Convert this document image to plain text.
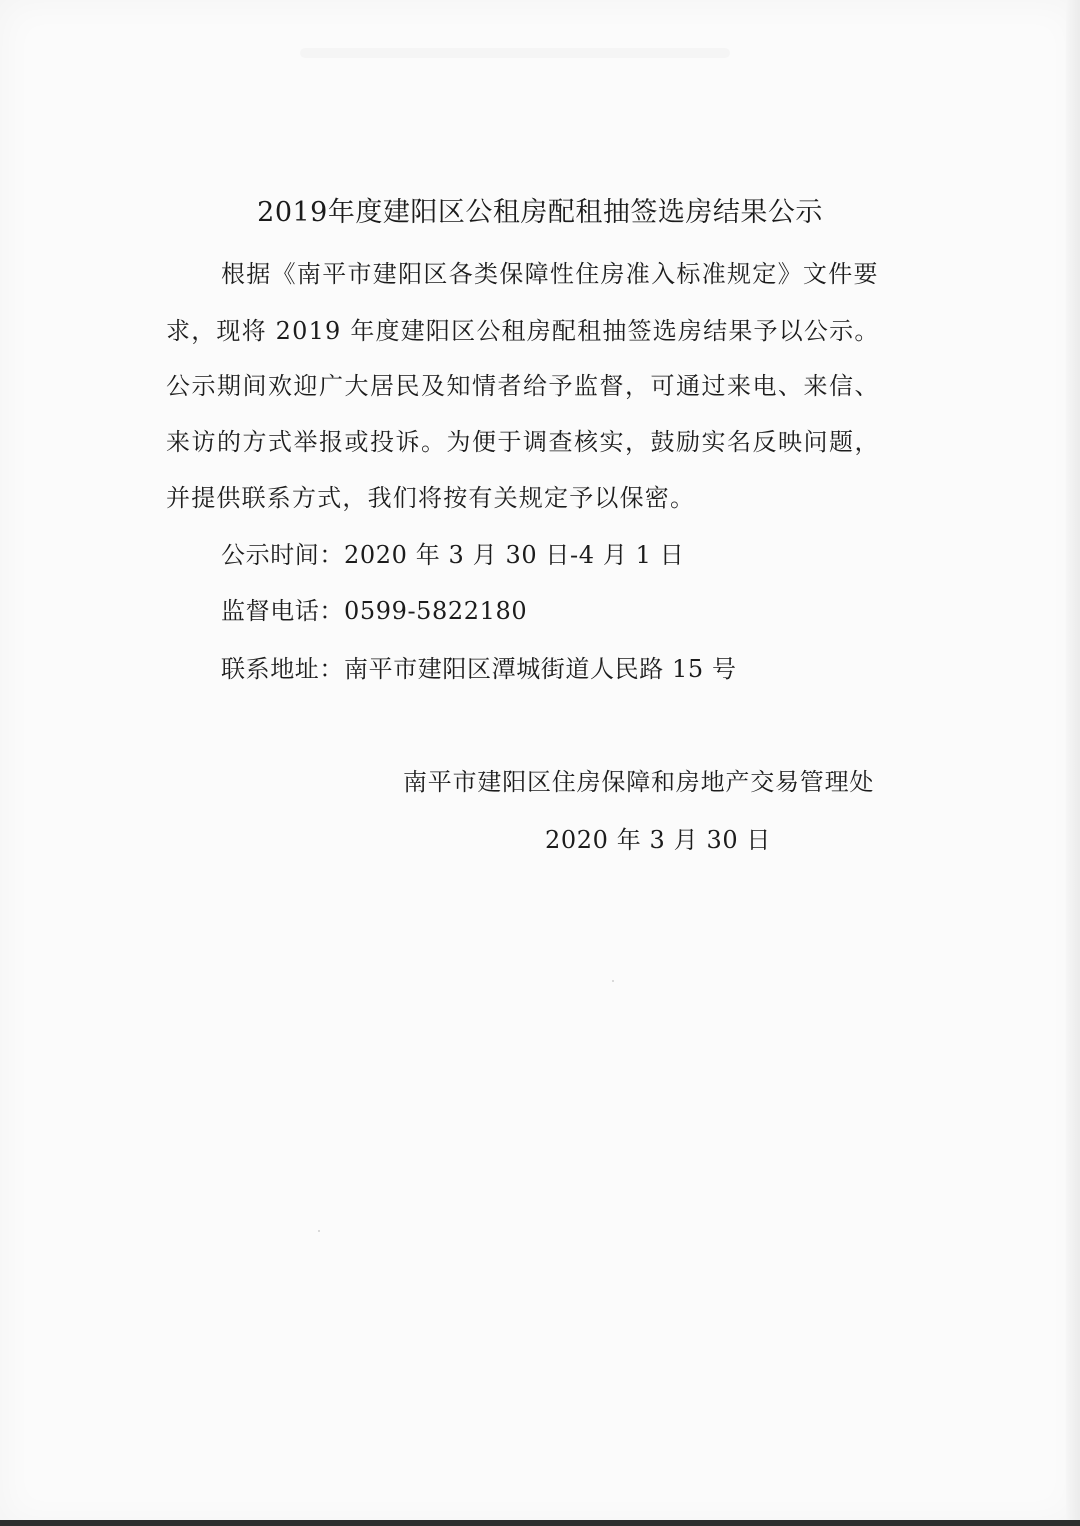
2019年度建阳区公租房配租抽签选房结果公示

根据《南平市建阳区各类保障性住房准入标准规定》文件要

求，现将 2019 年度建阳区公租房配租抽签选房结果予以公示。

公示期间欢迎广大居民及知情者给予监督，可通过来电、来信、

来访的方式举报或投诉。为便于调查核实，鼓励实名反映问题，

并提供联系方式，我们将按有关规定予以保密。

公示时间：2020 年 3 月 30 日-4 月 1 日
监督电话：0599-5822180
联系地址：南平市建阳区潭城街道人民路 15 号
南平市建阳区住房保障和房地产交易管理处
2020 年 3 月 30 日
